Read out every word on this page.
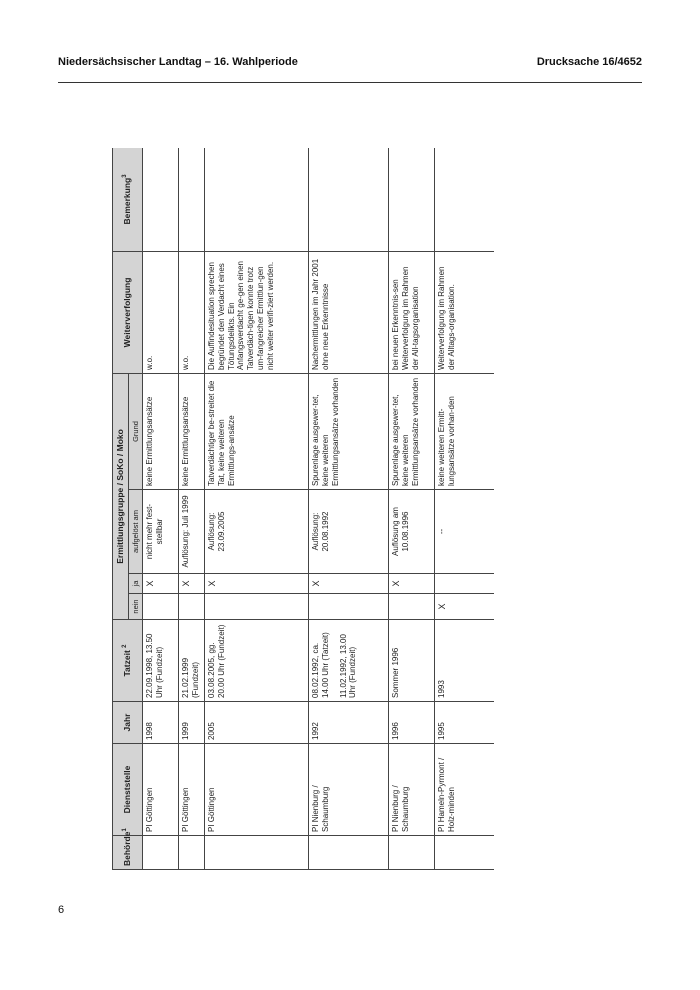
Niedersächsischer Landtag – 16. Wahlperiode	Drucksache 16/4652
Behörde$^1$	Dienststelle	Jahr	Tatzeit $^2$	Ermittlungsgruppe / SoKo / Moko				Weiterverfolgung	Bemerkung$^3$
				nein	ja	aufgelöst am	Grund		
	PI Göttingen	1998	22.09.1998, 13.50 Uhr (Fundzeit)		X	nicht mehr fest-stellbar	keine Ermittlungsansätze	w.o.	
	PI Göttingen	1999	21.02.1999 (Fundzeit)		X	Auflösung: Juli 1999	keine Ermittlungsansätze	w.o.	
	PI Göttingen	2005	03.08.2005, gg. 20.00 Uhr (Fundzeit)		X	Auflösung: 23.09.2005	Tatverdächtiger be-streitet die Tat, keine weiteren Ermittlungs-ansätze	Die Auffindesituation sprechen begründet den Verdacht eines Tötungsdelikts. Ein Anfangsverdacht ge-gen einen Tatverdäch-tigen konnte trotz um-fangreicher Ermittlun-gen nicht weiter verifi-ziert werden.	
	PI Nienburg / Schaumburg	1992	08.02.1992, ca. 14.00 Uhr (Tatzeit) 11.02.1992, 13.00 Uhr (Fundzeit)		X	Auflösung: 20.08.1992	Spurenlage ausgewer-tet, keine weiteren Ermittlungsansätze vorhanden	Nachermittlungen im Jahr 2001 ohne neue Erkenntnisse	
	PI Nienburg / Schaumburg	1996	Sommer 1996		X	Auflösung am 10.08.1996	Spurenlage ausgewer-tet, keine weiteren Ermittlungsansätze vorhanden	bei neuen Erkenntnis-sen Weiterverfolgung im Rahmen der All-tagsorganisation	
	PI Hameln-Pyrmont / Holz-minden	1995	1993	X		--	keine weiteren Ermitt-lungsansätze vorhan-den	Weiterverfolgung im Rahmen der Alltags-organisation.	
6
